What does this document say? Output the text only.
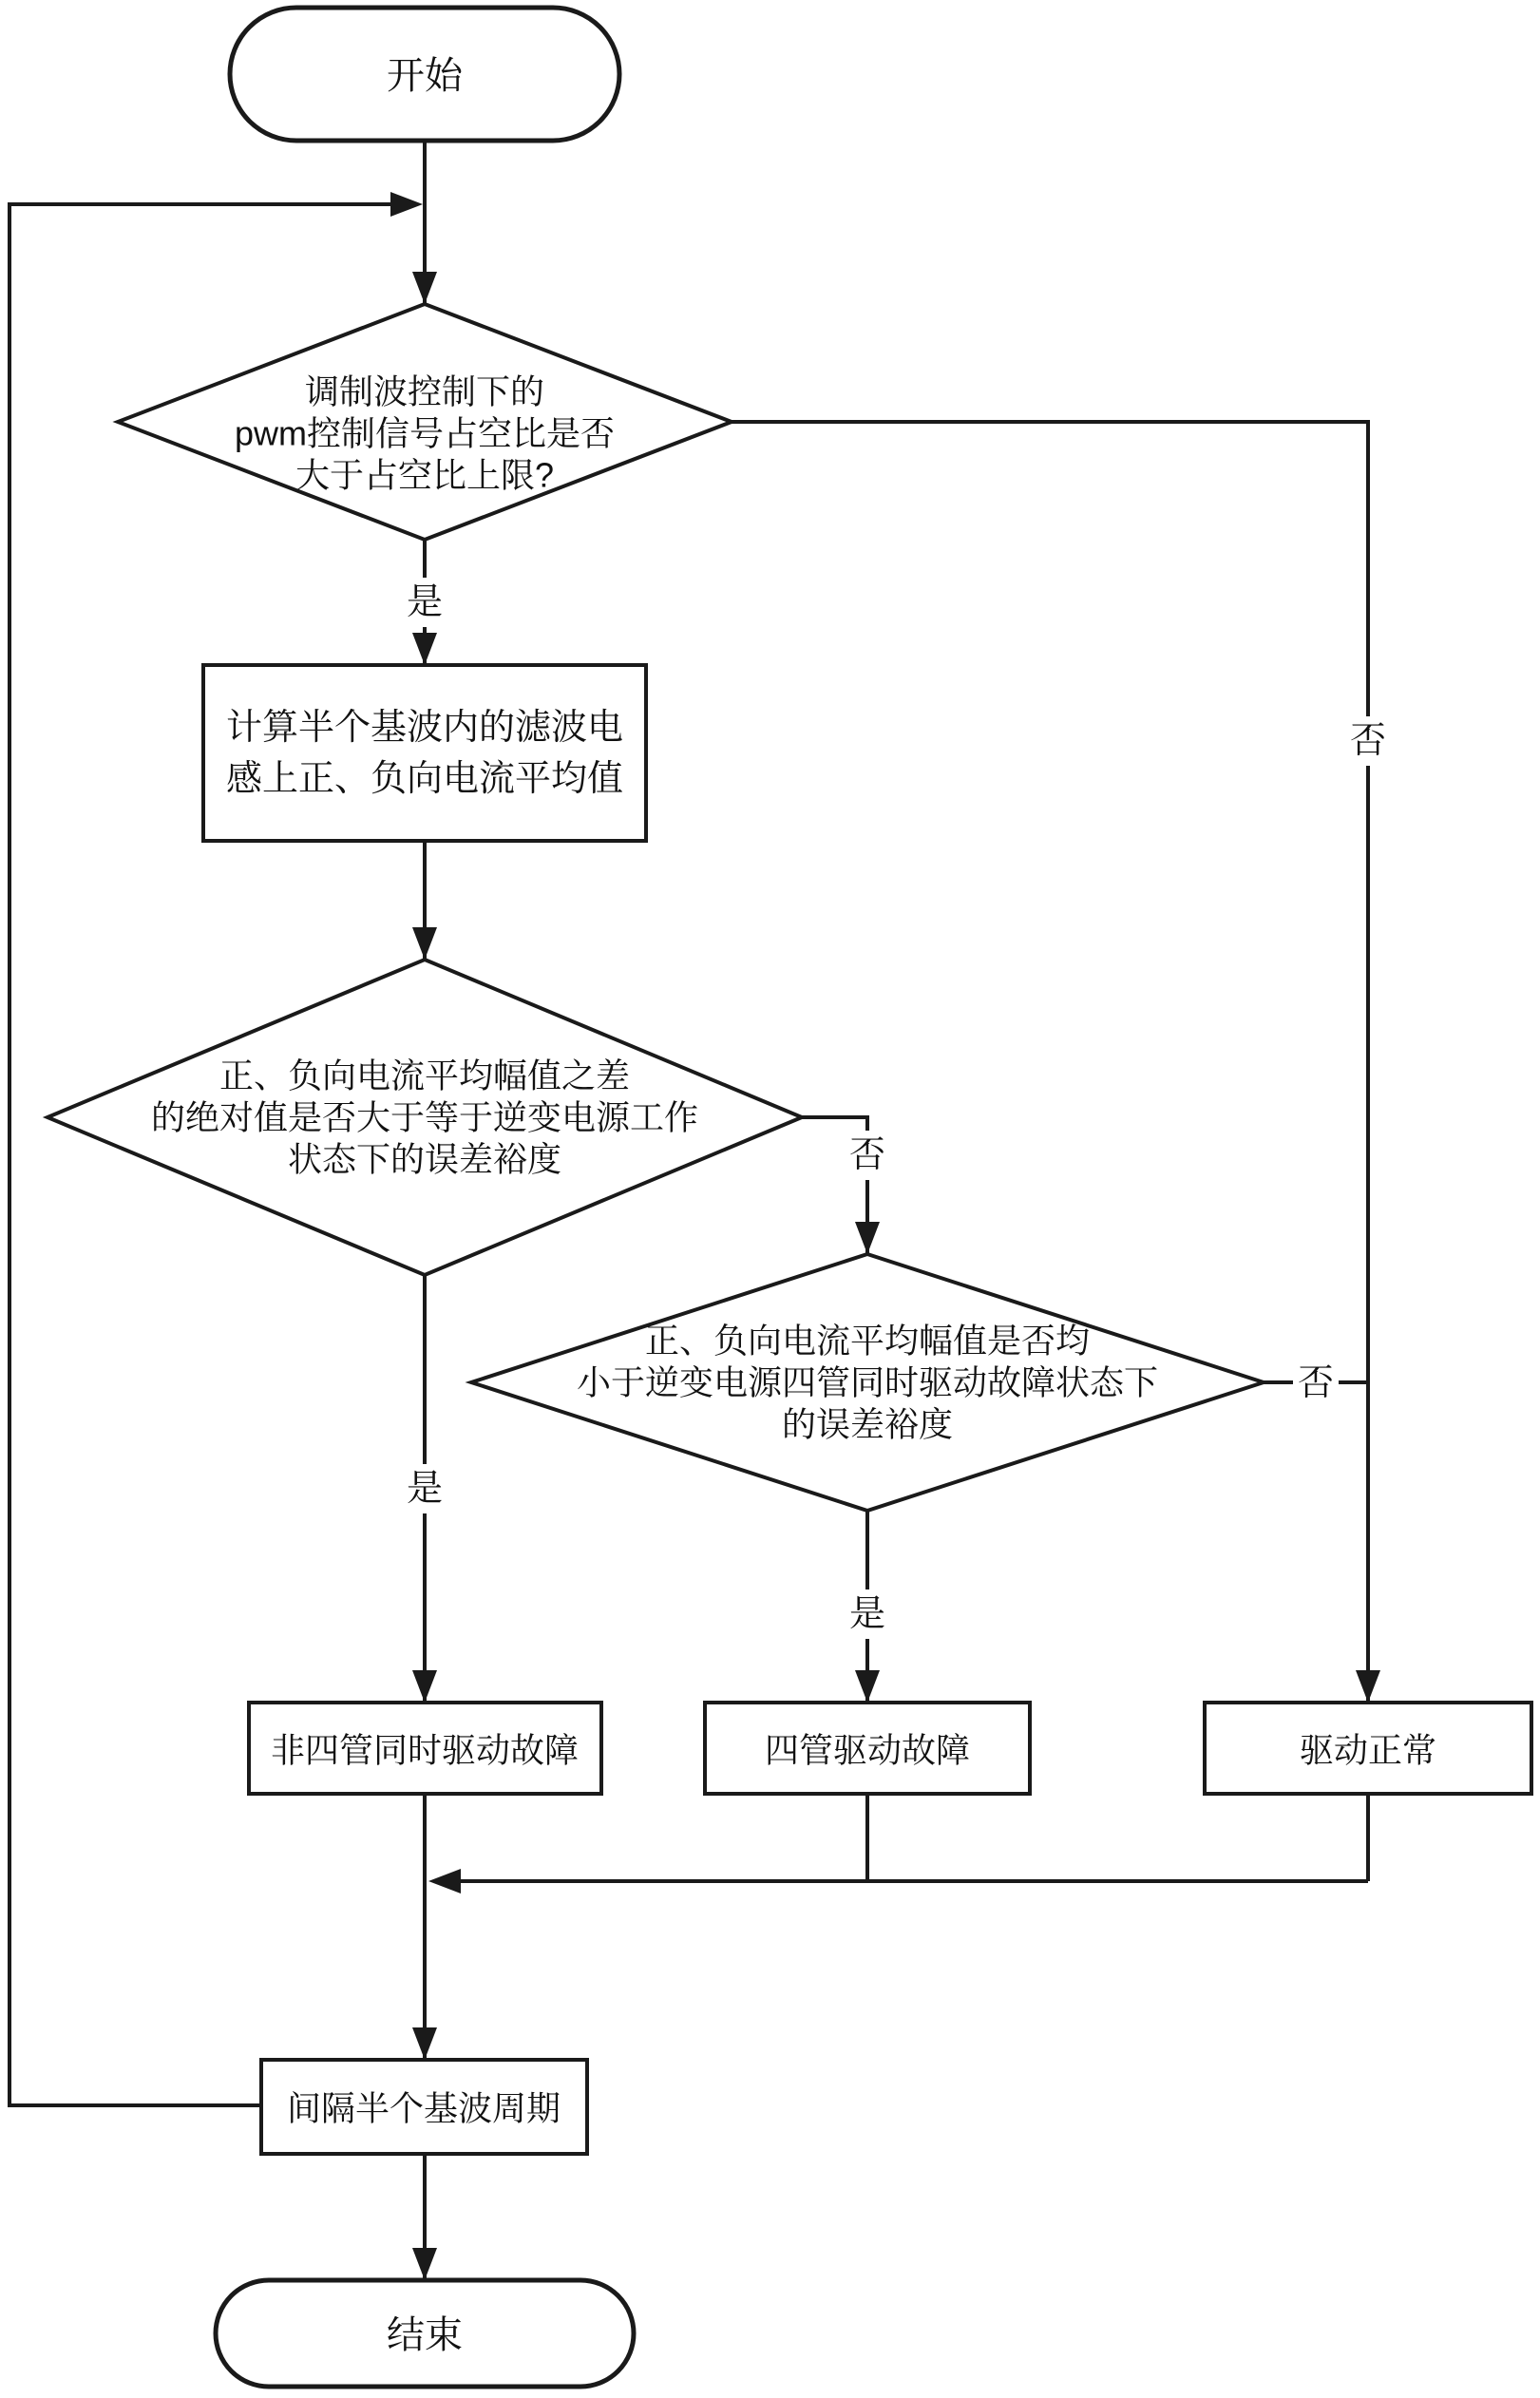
开始
调制波控制下的
pwm控制信号占空比是否
大于占空比上限?
计算半个基波内的滤波电
感上正、负向电流平均值
正、负向电流平均幅值之差
的绝对值是否大于等于逆变电源工作
状态下的误差裕度
正、负向电流平均幅值是否均
小于逆变电源四管同时驱动故障状态下
的误差裕度
非四管同时驱动故障	四管驱动故障	驱动正常
间隔半个基波周期
结束
是
否
是
否
是
否
